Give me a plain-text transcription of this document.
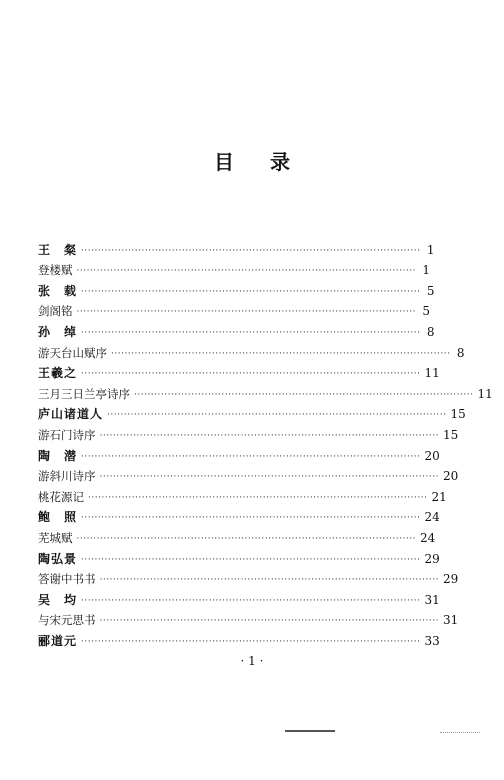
目 录
王　粲 ····································································································· 1
登楼赋 ····································································································· 1
张　载 ····································································································· 5
剑阁铭 ····································································································· 5
孙　绰 ····································································································· 8
游天台山赋序 ····································································································· 8
王羲之 ····································································································· 11
三月三日兰亭诗序 ····································································································· 11
庐山诸道人 ····································································································· 15
游石门诗序 ····································································································· 15
陶　潜 ····································································································· 20
游斜川诗序 ····································································································· 20
桃花源记 ····································································································· 21
鲍　照 ····································································································· 24
芜城赋 ····································································································· 24
陶弘景 ····································································································· 29
答谢中书书 ····································································································· 29
吴　均 ····································································································· 31
与宋元思书 ····································································································· 31
郦道元 ····································································································· 33
· 1 ·
